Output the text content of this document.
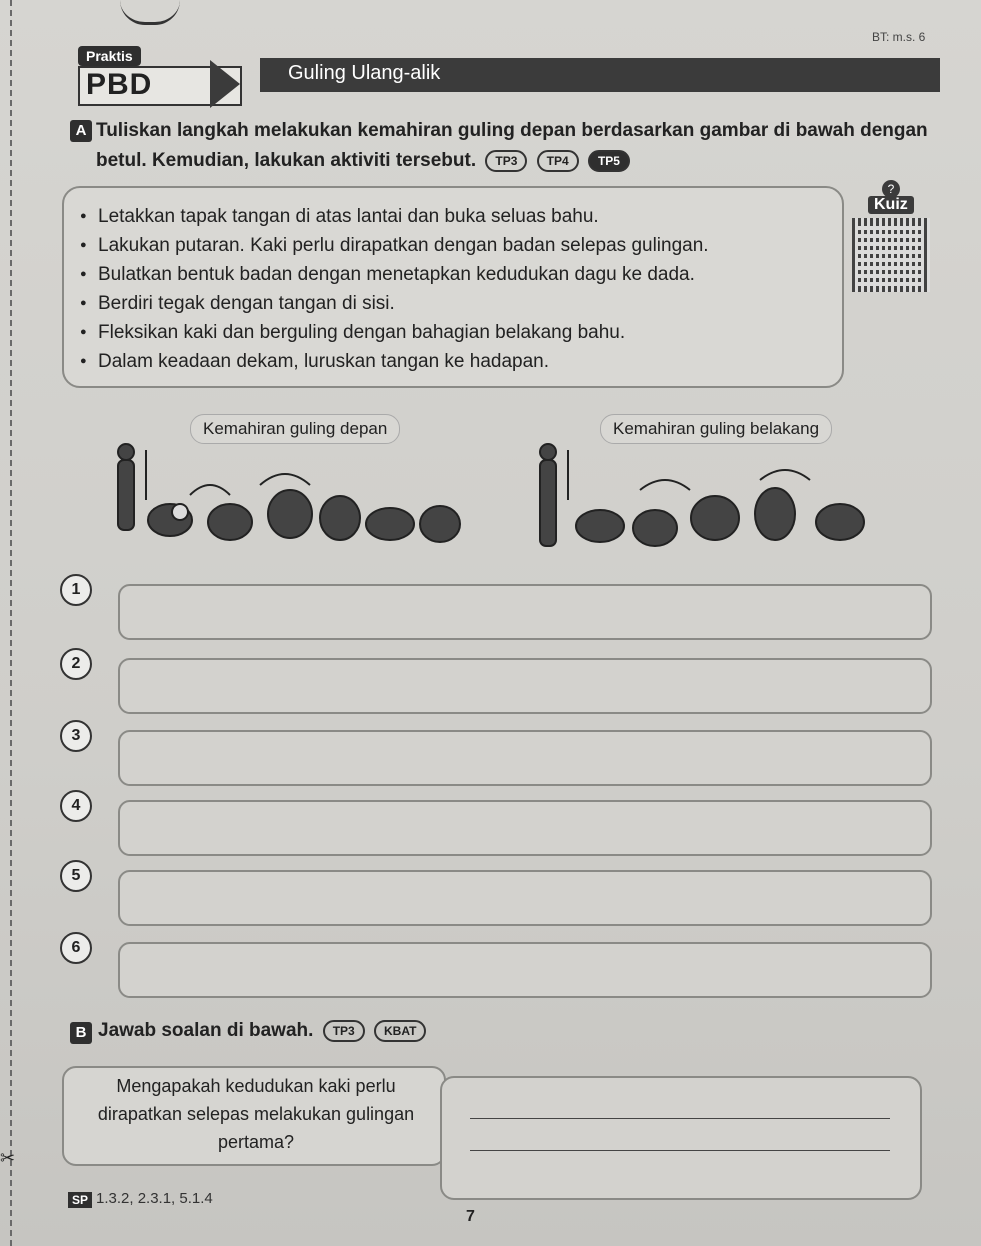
✂
BT: m.s. 6
Praktis
PBD	Guling Ulang-alik
A Tuliskan langkah melakukan kemahiran guling depan berdasarkan gambar di bawah dengan betul. Kemudian, lakukan aktiviti tersebut. TP3 TP4 TP5
● Letakkan tapak tangan di atas lantai dan buka seluas bahu.
● Lakukan putaran. Kaki perlu dirapatkan dengan badan selepas gulingan.
● Bulatkan bentuk badan dengan menetapkan kedudukan dagu ke dada.
● Berdiri tegak dengan tangan di sisi.
● Fleksikan kaki dan berguling dengan bahagian belakang bahu.
● Dalam keadaan dekam, luruskan tangan ke hadapan.
?
Kuiz
Kemahiran guling depan	Kemahiran guling belakang
1
2
3
4
5
6
B Jawab soalan di bawah. TP3 KBAT
Mengapakah kedudukan kaki perlu dirapatkan selepas melakukan gulingan pertama?
SP 1.3.2, 2.3.1, 5.1.4
7
